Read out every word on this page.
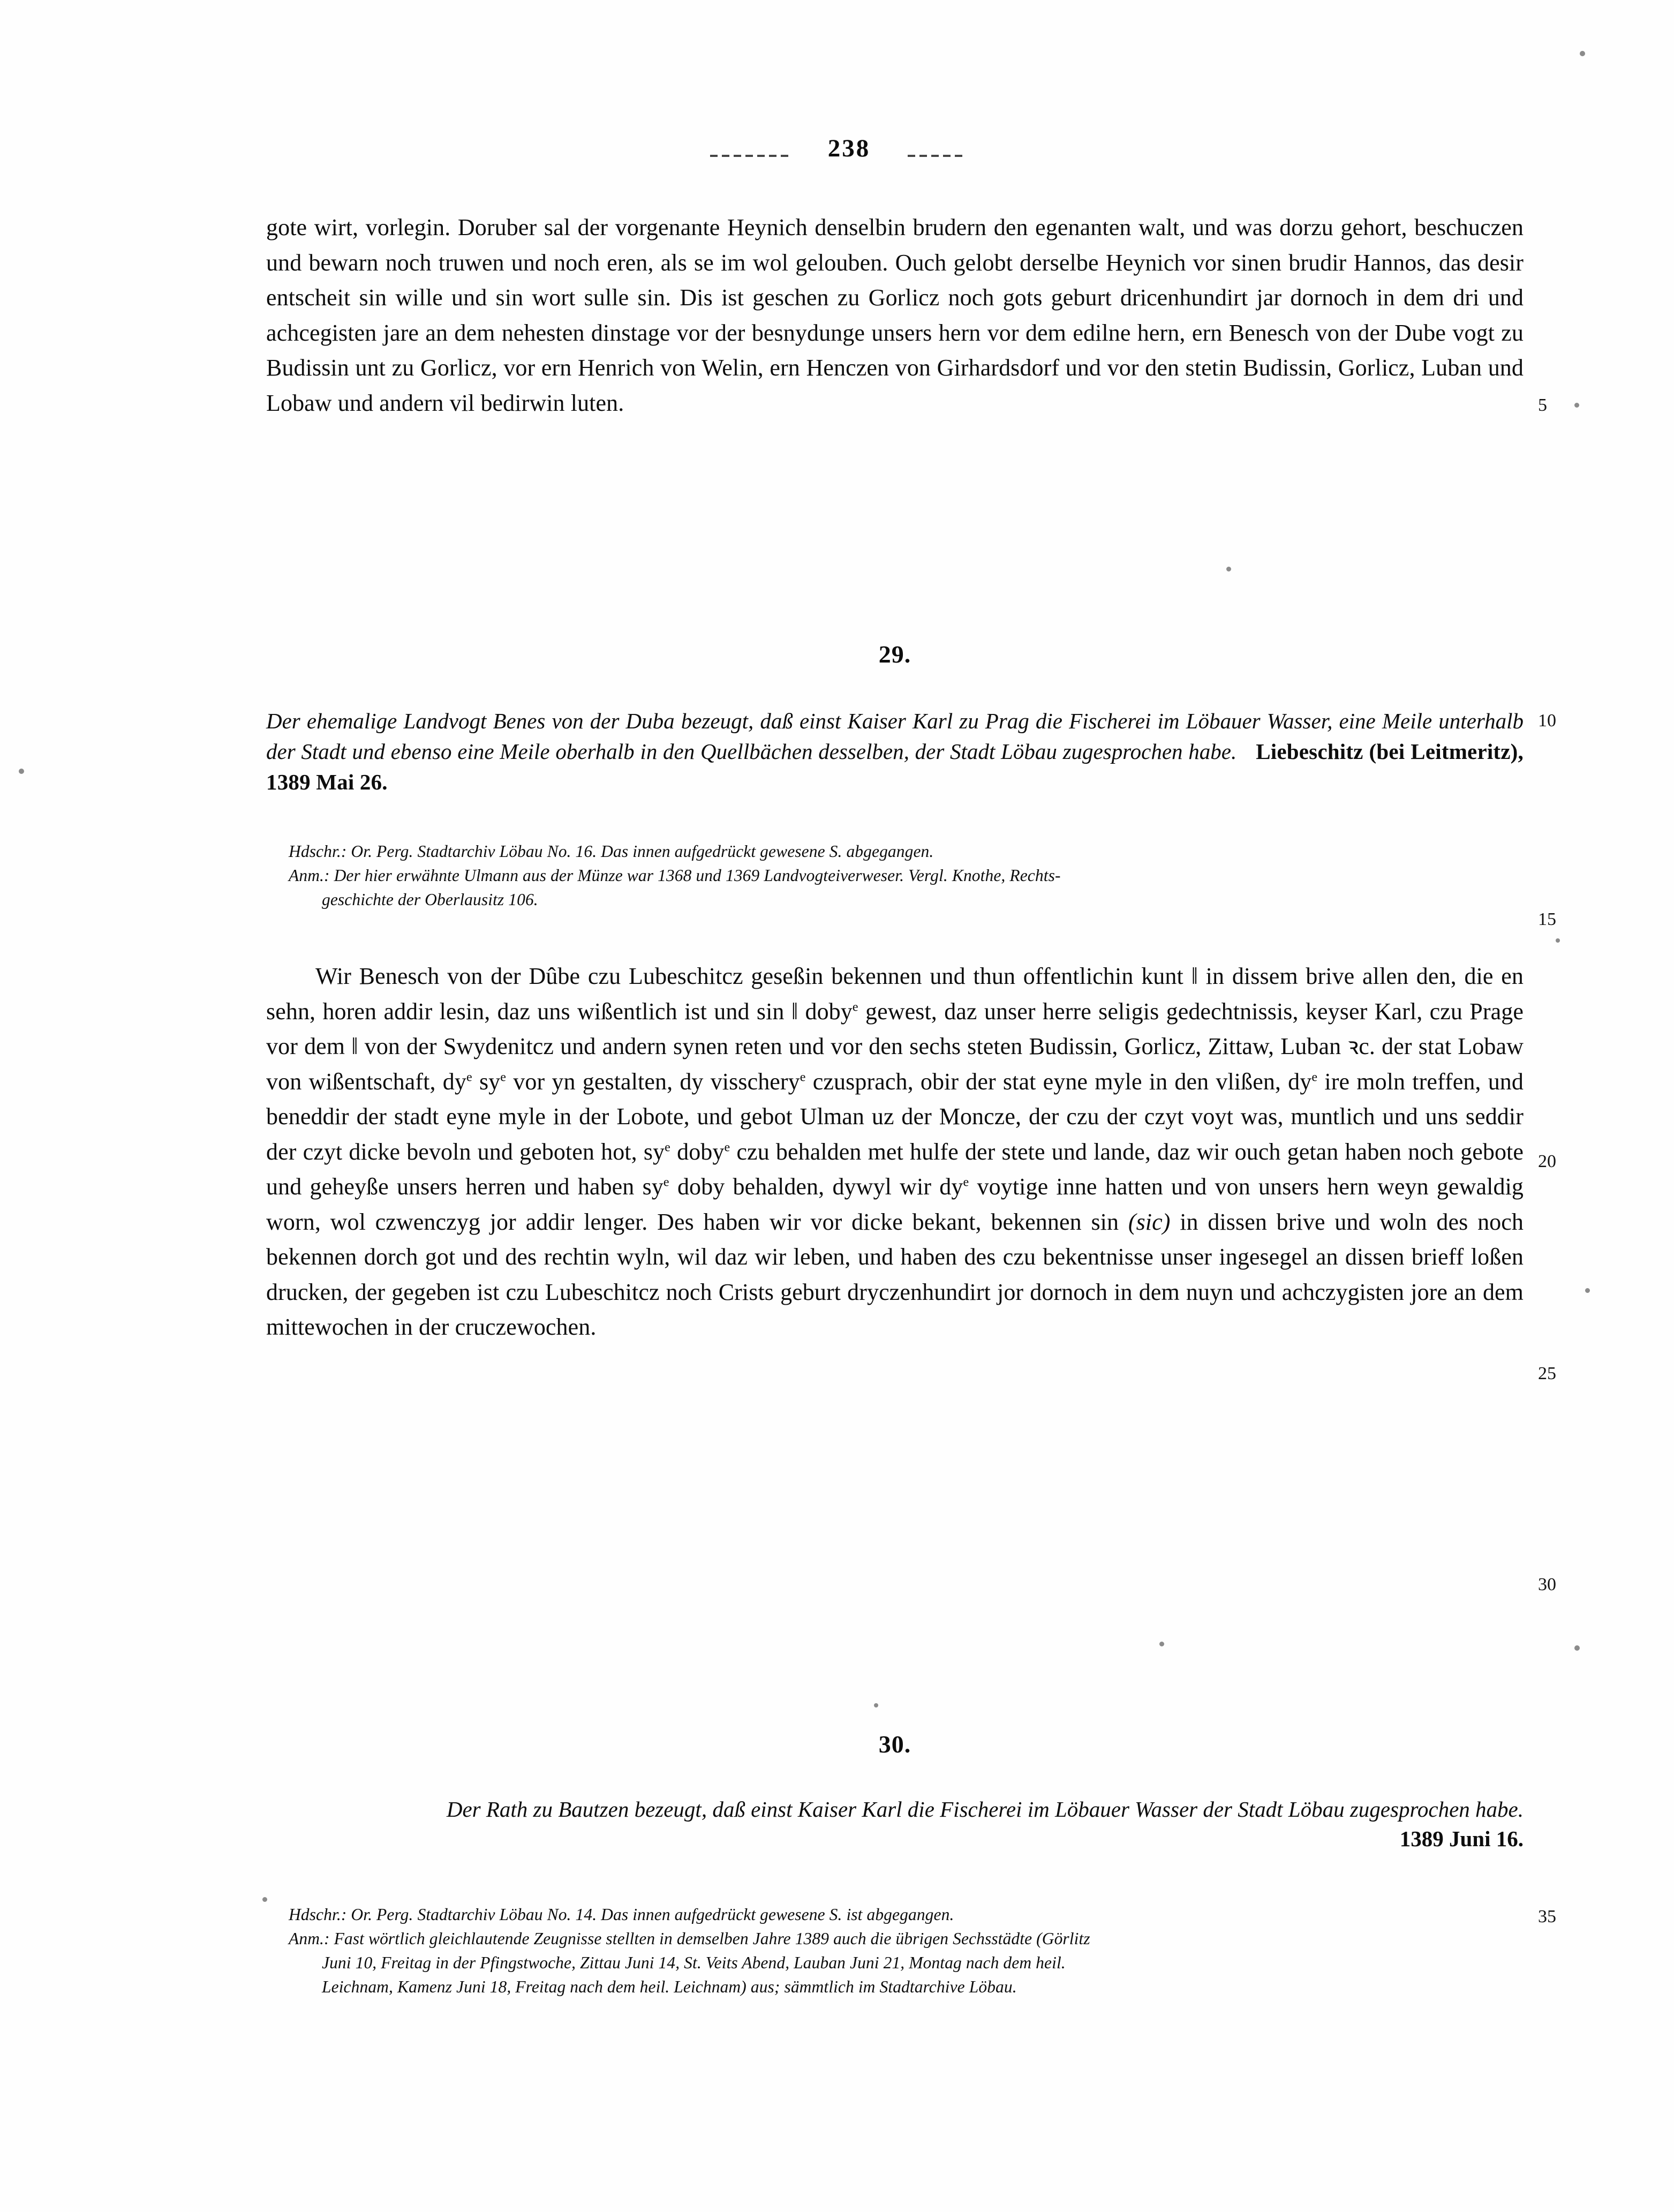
238

gote wirt, vorlegin. Doruber sal der vorgenante Heynich denselbin brudern den egenanten walt, und was dorzu gehort, beschuczen und bewarn noch truwen und noch eren, als se im wol gelouben. Ouch gelobt derselbe Heynich vor sinen brudir Hannos, das desir entscheit sin wille und sin wort sulle sin. Dis ist geschen zu Gorlicz noch gots geburt dricenhundirt jar dornoch in dem dri und achcegisten jare an dem nehesten dinstage vor der besnydunge unsers hern vor dem edilne hern, ern Benesch von der Dube vogt zu Budissin unt zu Gorlicz, vor ern Henrich von Welin, ern Henczen von Girhardsdorf und vor den stetin Budissin, Gorlicz, Luban und Lobaw und andern vil bedirwin luten.

29.

Der ehemalige Landvogt Benes von der Duba bezeugt, daß einst Kaiser Karl zu Prag die Fischerei im Löbauer Wasser, eine Meile unterhalb der Stadt und ebenso eine Meile oberhalb in den Quellbächen desselben, der Stadt Löbau zugesprochen habe. Liebeschitz (bei Leitmeritz), 1389 Mai 26.

Hdschr.: Or. Perg. Stadtarchiv Löbau No. 16. Das innen aufgedrückt gewesene S. abgegangen.

Anm.: Der hier erwähnte Ulmann aus der Münze war 1368 und 1369 Landvogteiverweser. Vergl. Knothe, Rechts-

geschichte der Oberlausitz 106.

Wir Benesch von der Dûbe czu Lubeschitcz geseßin bekennen und thun offentlichin kunt ‖ in dissem brive allen den, die en sehn, horen addir lesin, daz uns wißentlich ist und sin ‖ doby$^e$ gewest, daz unser herre seligis gedechtnissis, keyser Karl, czu Prage vor dem ‖ von der Swydenitcz und andern synen reten und vor den sechs steten Budissin, Gorlicz, Zittaw, Luban ꝛc. der stat Lobaw von wißentschaft, $dy^e$ $sy^e$ vor yn gestalten, dy visschery$^e$ czusprach, obir der stat eyne myle in den vlißen, $dy^e$ ire moln treffen, und beneddir der stadt eyne myle in der Lobote, und gebot Ulman uz der Moncze, der czu der czyt voyt was, muntlich und uns seddir der czyt dicke bevoln und geboten hot, $sy^e$ doby$^e$ czu behalden met hulfe der stete und lande, daz wir ouch getan haben noch gebote und geheyße unsers herren und haben $sy^e$ doby behalden, dywyl wir $dy^e$ voytige inne hatten und von unsers hern weyn gewaldig worn, wol czwenczyg jor addir lenger. Des haben wir vor dicke bekant, bekennen sin (sic) in dissen brive und woln des noch bekennen dorch got und des rechtin wyln, wil daz wir leben, und haben des czu bekentnisse unser ingesegel an dissen brieff loßen drucken, der gegeben ist czu Lubeschitcz noch Crists geburt dryczenhundirt jor dornoch in dem nuyn und achczygisten jore an dem mittewochen in der cruczewochen.

30.

Der Rath zu Bautzen bezeugt, daß einst Kaiser Karl die Fischerei im Löbauer Wasser der Stadt Löbau zugesprochen habe.

1389 Juni 16.

Hdschr.: Or. Perg. Stadtarchiv Löbau No. 14. Das innen aufgedrückt gewesene S. ist abgegangen.

Anm.: Fast wörtlich gleichlautende Zeugnisse stellten in demselben Jahre 1389 auch die übrigen Sechsstädte (Görlitz

Juni 10, Freitag in der Pfingstwoche, Zittau Juni 14, St. Veits Abend, Lauban Juni 21, Montag nach dem heil.

Leichnam, Kamenz Juni 18, Freitag nach dem heil. Leichnam) aus; sämmtlich im Stadtarchive Löbau.

5
10
15
20
25
30
35
